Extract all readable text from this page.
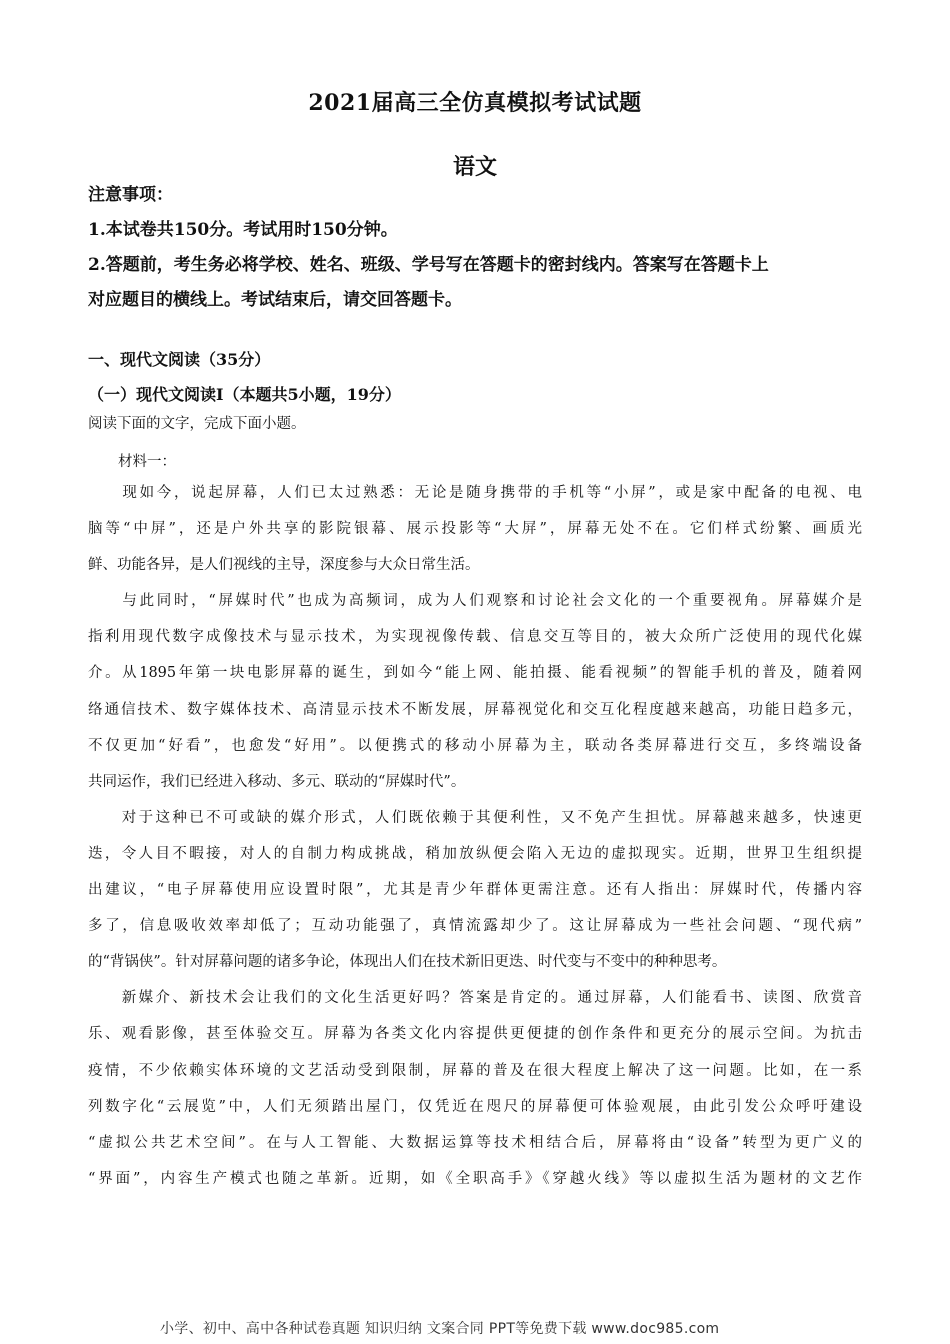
2021届高三全仿真模拟考试试题
语文
注意事项：
1.本试卷共150分。考试用时150分钟。
2.答题前，考生务必将学校、姓名、班级、学号写在答题卡的密封线内。答案写在答题卡上
对应题目的横线上。考试结束后，请交回答题卡。
一、现代文阅读（35分）
（一）现代文阅读Ⅰ（本题共5小题，19分）
阅读下面的文字，完成下面小题。
材料一：
　　现如今，说起屏幕，人们已太过熟悉：无论是随身携带的手机等“小屏”，或是家中配备的电视、电
脑等“中屏”，还是户外共享的影院银幕、展示投影等“大屏”，屏幕无处不在。它们样式纷繁、画质光
鲜、功能各异，是人们视线的主导，深度参与大众日常生活。
　　与此同时，“屏媒时代”也成为高频词，成为人们观察和讨论社会文化的一个重要视角。屏幕媒介是
指利用现代数字成像技术与显示技术，为实现视像传载、信息交互等目的，被大众所广泛使用的现代化媒
介。从1895年第一块电影屏幕的诞生，到如今“能上网、能拍摄、能看视频”的智能手机的普及，随着网
络通信技术、数字媒体技术、高清显示技术不断发展，屏幕视觉化和交互化程度越来越高，功能日趋多元，
不仅更加“好看”，也愈发“好用”。以便携式的移动小屏幕为主，联动各类屏幕进行交互，多终端设备
共同运作，我们已经进入移动、多元、联动的“屏媒时代”。
　　对于这种已不可或缺的媒介形式，人们既依赖于其便利性，又不免产生担忧。屏幕越来越多，快速更
迭，令人目不暇接，对人的自制力构成挑战，稍加放纵便会陷入无边的虚拟现实。近期，世界卫生组织提
出建议，“电子屏幕使用应设置时限”，尤其是青少年群体更需注意。还有人指出：屏媒时代，传播内容
多了，信息吸收效率却低了；互动功能强了，真情流露却少了。这让屏幕成为一些社会问题、“现代病”
的“背锅侠”。针对屏幕问题的诸多争论，体现出人们在技术新旧更迭、时代变与不变中的种种思考。
　　新媒介、新技术会让我们的文化生活更好吗？答案是肯定的。通过屏幕，人们能看书、读图、欣赏音
乐、观看影像，甚至体验交互。屏幕为各类文化内容提供更便捷的创作条件和更充分的展示空间。为抗击
疫情，不少依赖实体环境的文艺活动受到限制，屏幕的普及在很大程度上解决了这一问题。比如，在一系
列数字化“云展览”中，人们无须踏出屋门，仅凭近在咫尺的屏幕便可体验观展，由此引发公众呼吁建设
“虚拟公共艺术空间”。在与人工智能、大数据运算等技术相结合后，屏幕将由“设备”转型为更广义的
“界面”，内容生产模式也随之革新。近期，如《全职高手》《穿越火线》等以虚拟生活为题材的文艺作
小学、初中、高中各种试卷真题 知识归纳 文案合同 PPT等免费下载 www.doc985.com
